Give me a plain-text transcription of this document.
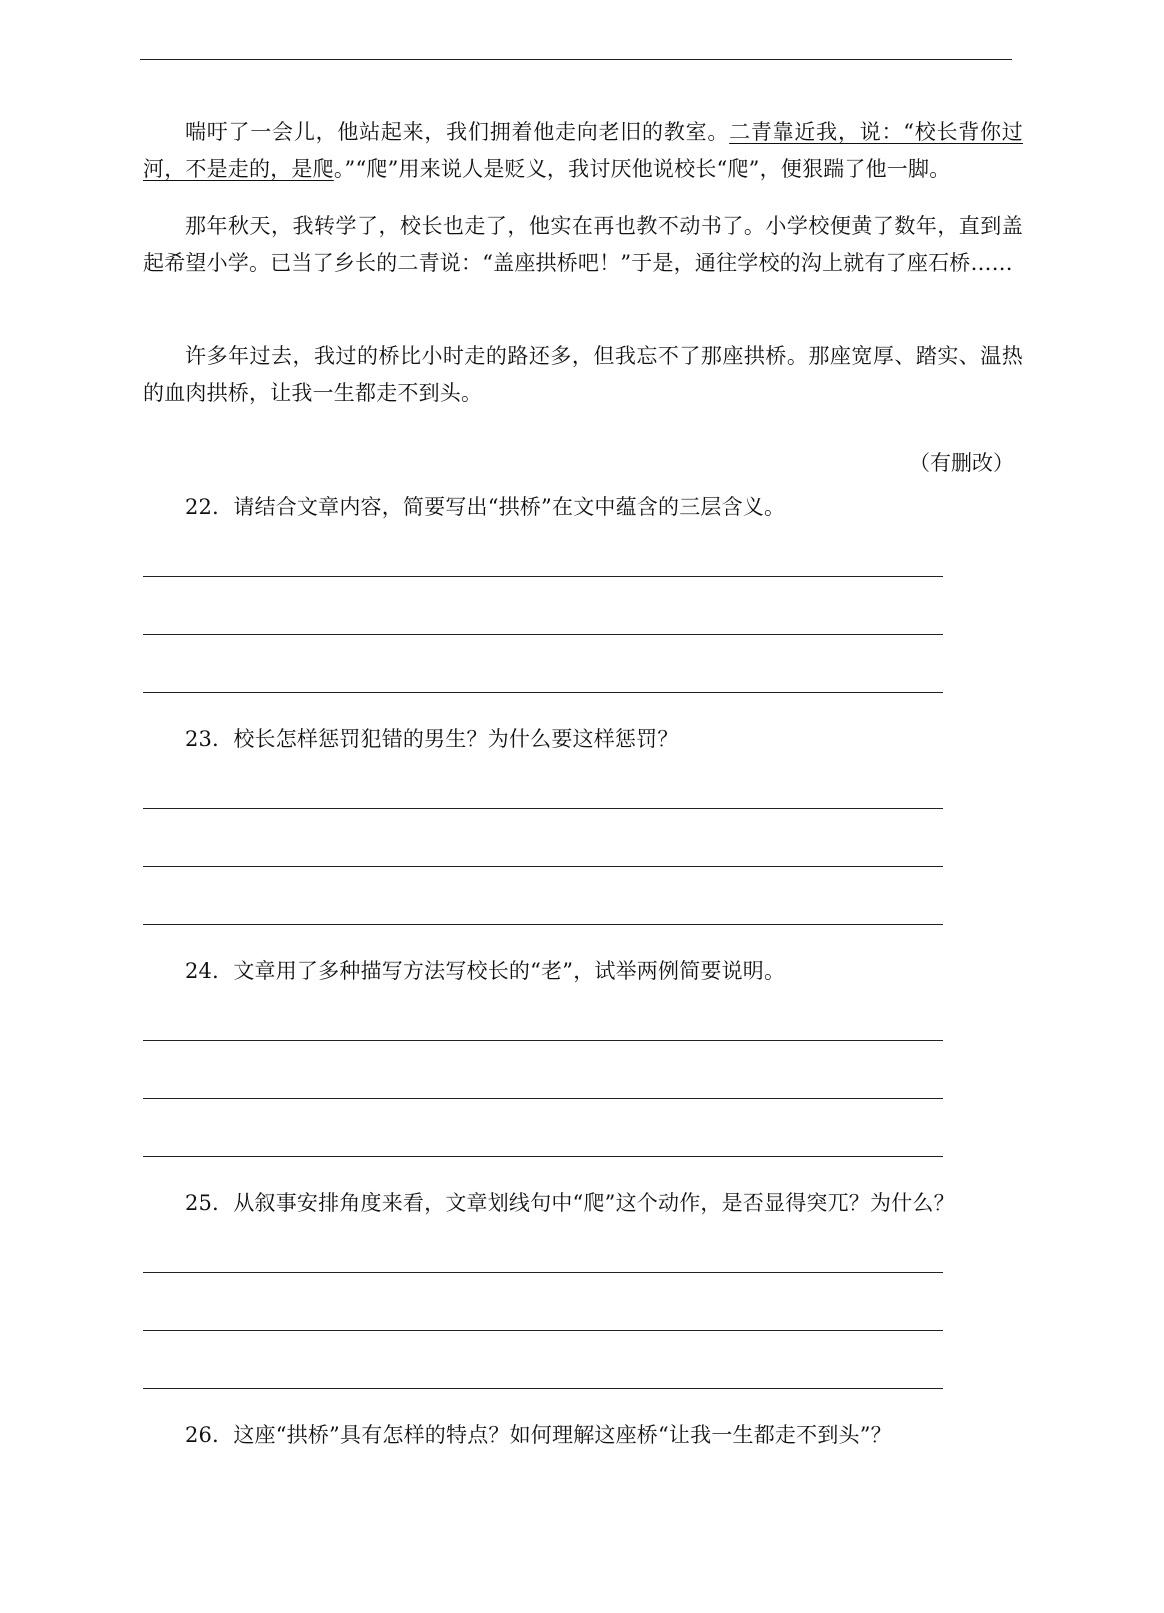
喘吁了一会儿，他站起来，我们拥着他走向老旧的教室。二青靠近我，说：“校长背你过河，不是走的，是爬。”“爬”用来说人是贬义，我讨厌他说校长“爬”，便狠踹了他一脚。

那年秋天，我转学了，校长也走了，他实在再也教不动书了。小学校便黄了数年，直到盖起希望小学。已当了乡长的二青说：“盖座拱桥吧！”于是，通往学校的沟上就有了座石桥……

许多年过去，我过的桥比小时走的路还多，但我忘不了那座拱桥。那座宽厚、踏实、温热的血肉拱桥，让我一生都走不到头。

（有删改）

22．请结合文章内容，简要写出“拱桥”在文中蕴含的三层含义。

23．校长怎样惩罚犯错的男生？为什么要这样惩罚？

24．文章用了多种描写方法写校长的“老”，试举两例简要说明。

25．从叙事安排角度来看，文章划线句中“爬”这个动作，是否显得突兀？为什么？

26．这座“拱桥”具有怎样的特点？如何理解这座桥“让我一生都走不到头”？
